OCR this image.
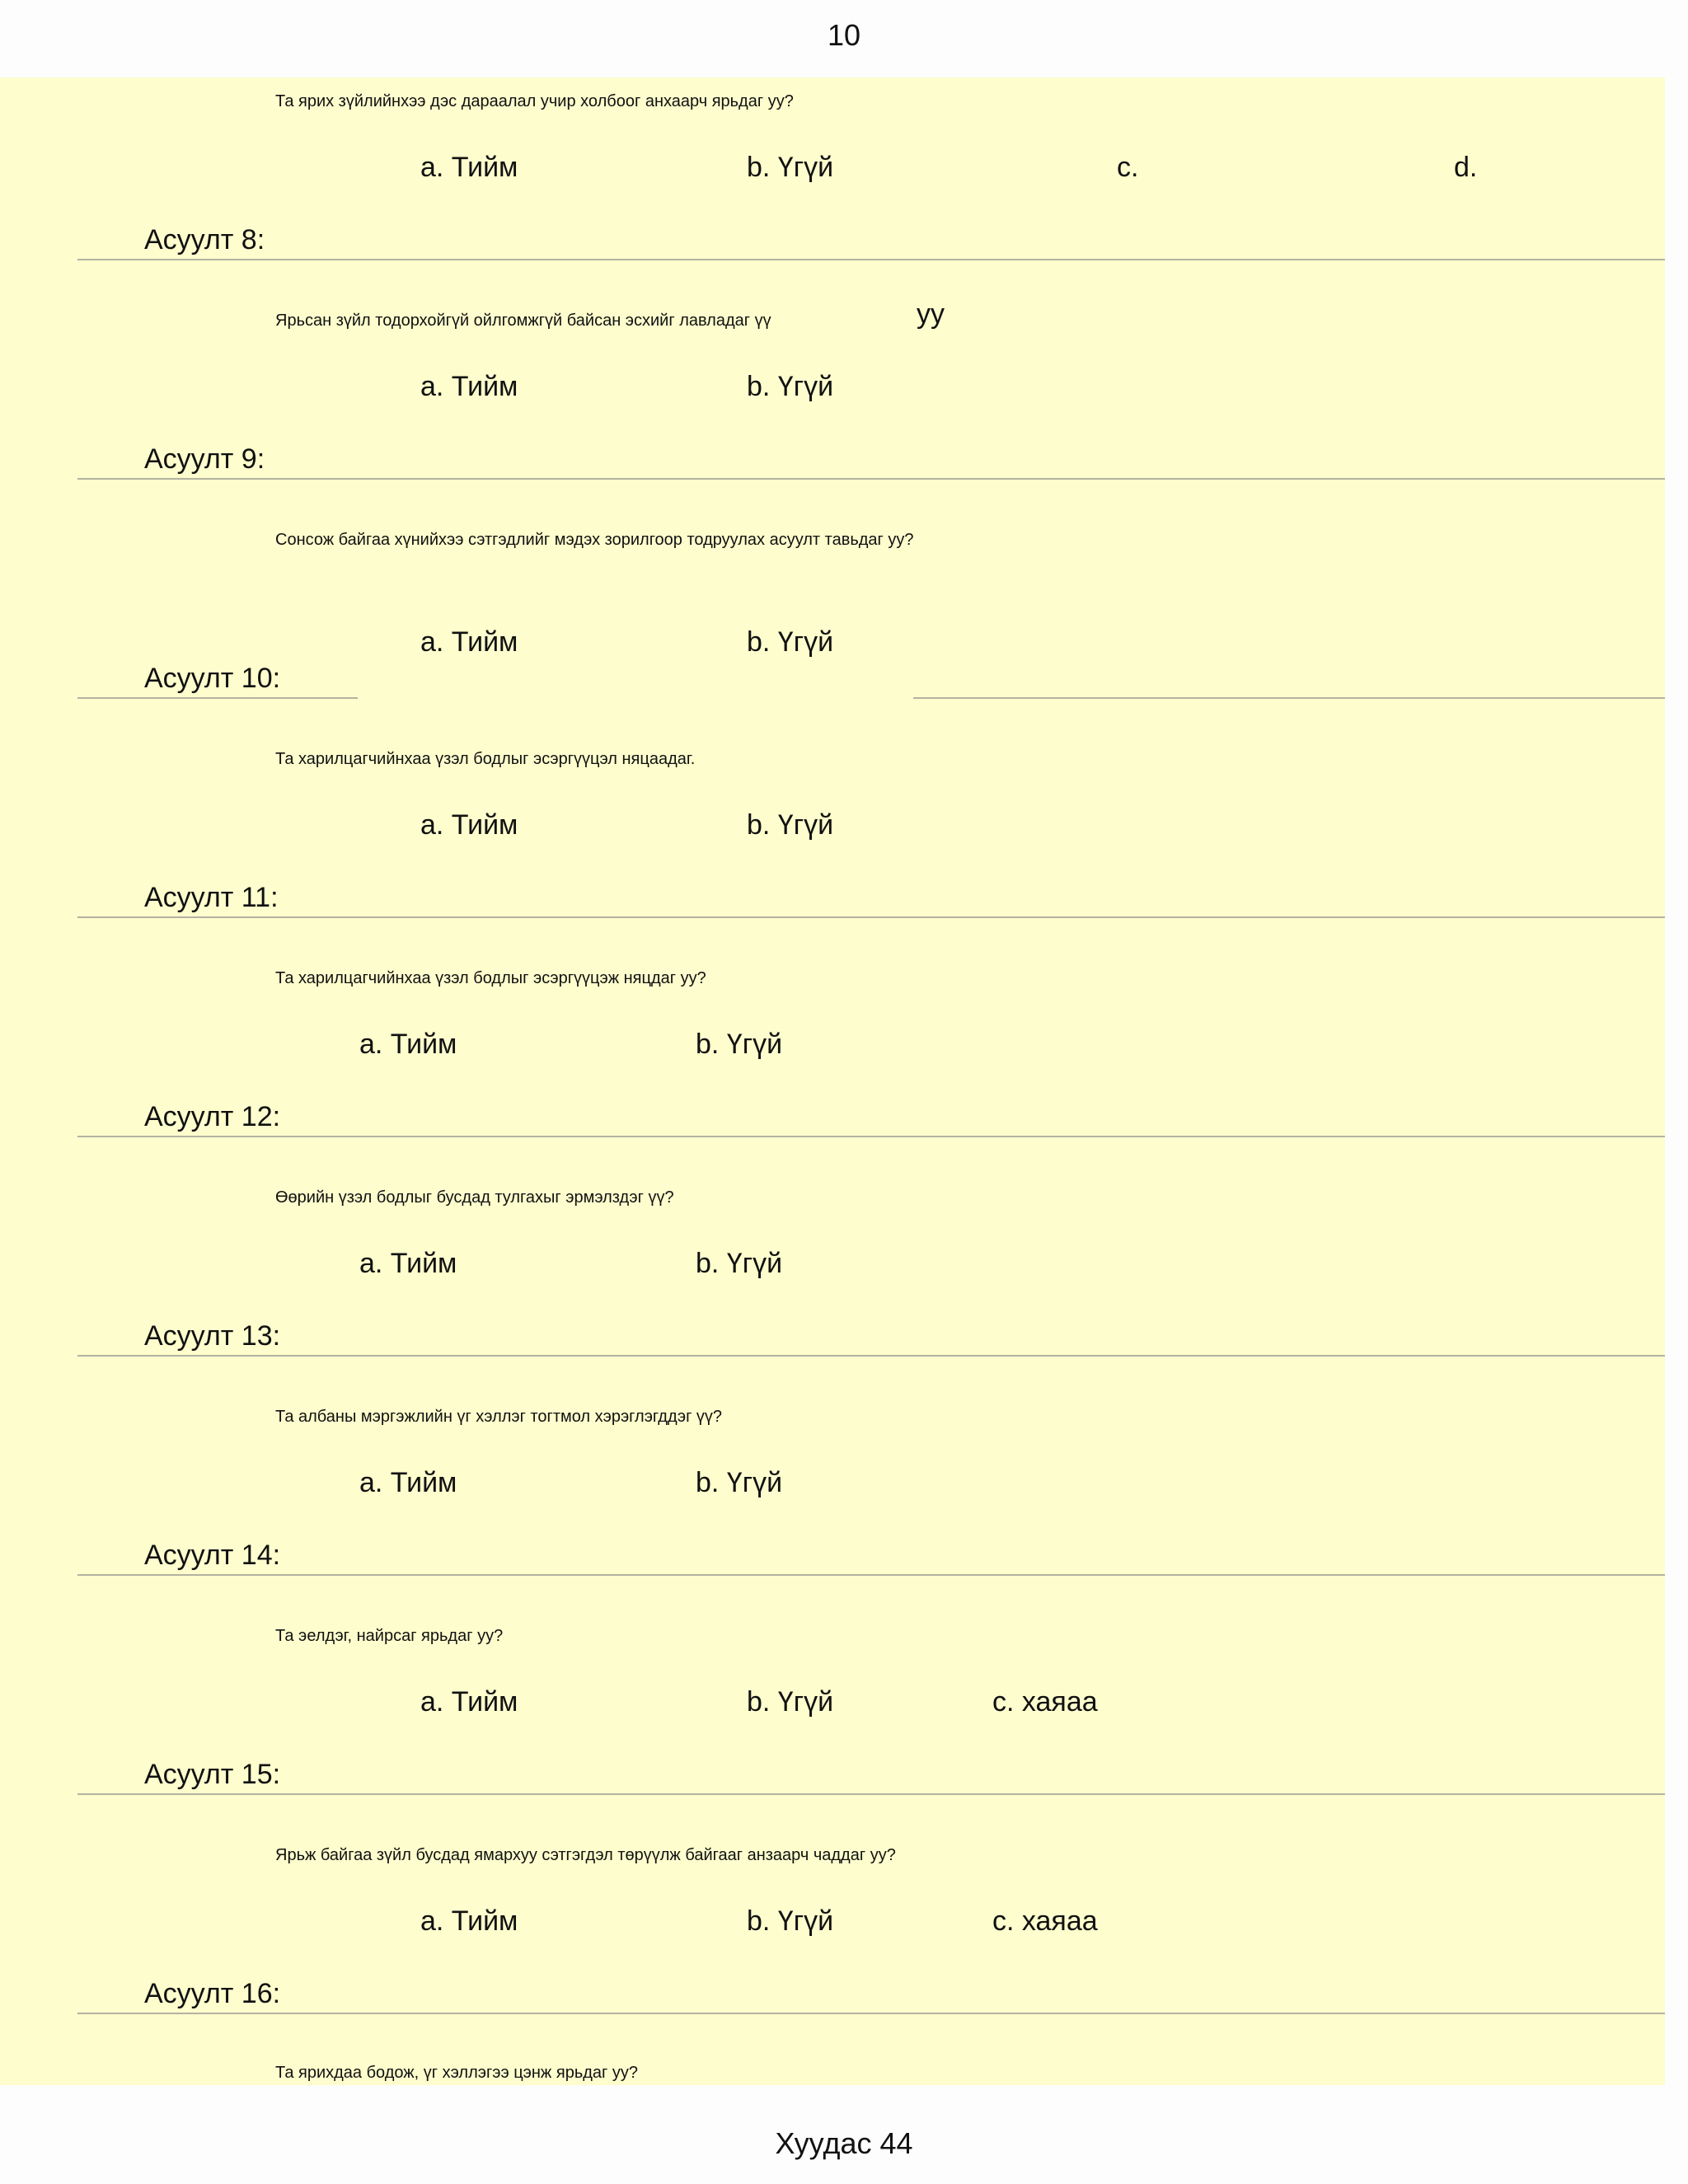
10
Та ярих зүйлийнхээ дэс дараалал учир холбоог анхаарч ярьдаг уу?
a. Тийм	b. Үгүй	c.	d.
Асуулт 8:
Ярьсан зүйл тодорхойгүй ойлгомжгүй байсан эсхийг лавладаг үү	уу
a. Тийм	b. Үгүй
Асуулт 9:
Сонсож байгаа хүнийхээ сэтгэдлийг мэдэх зорилгоор тодруулах асуулт тавьдаг уу?
a. Тийм	b. Үгүй
Асуулт 10:
Та харилцагчийнхаа үзэл бодлыг эсэргүүцэл няцаадаг.
a. Тийм	b. Үгүй
Асуулт 11:
Та харилцагчийнхаа үзэл бодлыг эсэргүүцэж няцдаг уу?
a. Тийм	b. Үгүй
Асуулт 12:
Өөрийн үзэл бодлыг бусдад тулгахыг эрмэлздэг үү?
a. Тийм	b. Үгүй
Асуулт 13:
Та албаны мэргэжлийн үг хэллэг тогтмол хэрэглэгддэг үү?
a. Тийм	b. Үгүй
Асуулт 14:
Та эелдэг, найрсаг ярьдаг уу?
a. Тийм	b. Үгүй	c. хаяаа
Асуулт 15:
Ярьж байгаа зүйл бусдад ямархуу сэтгэгдэл төрүүлж байгааг анзаарч чаддаг уу?
a. Тийм	b. Үгүй	c. хаяаа
Асуулт 16:
Та ярихдаа бодож, үг хэллэгээ цэнж ярьдаг уу?
Хуудас 44
